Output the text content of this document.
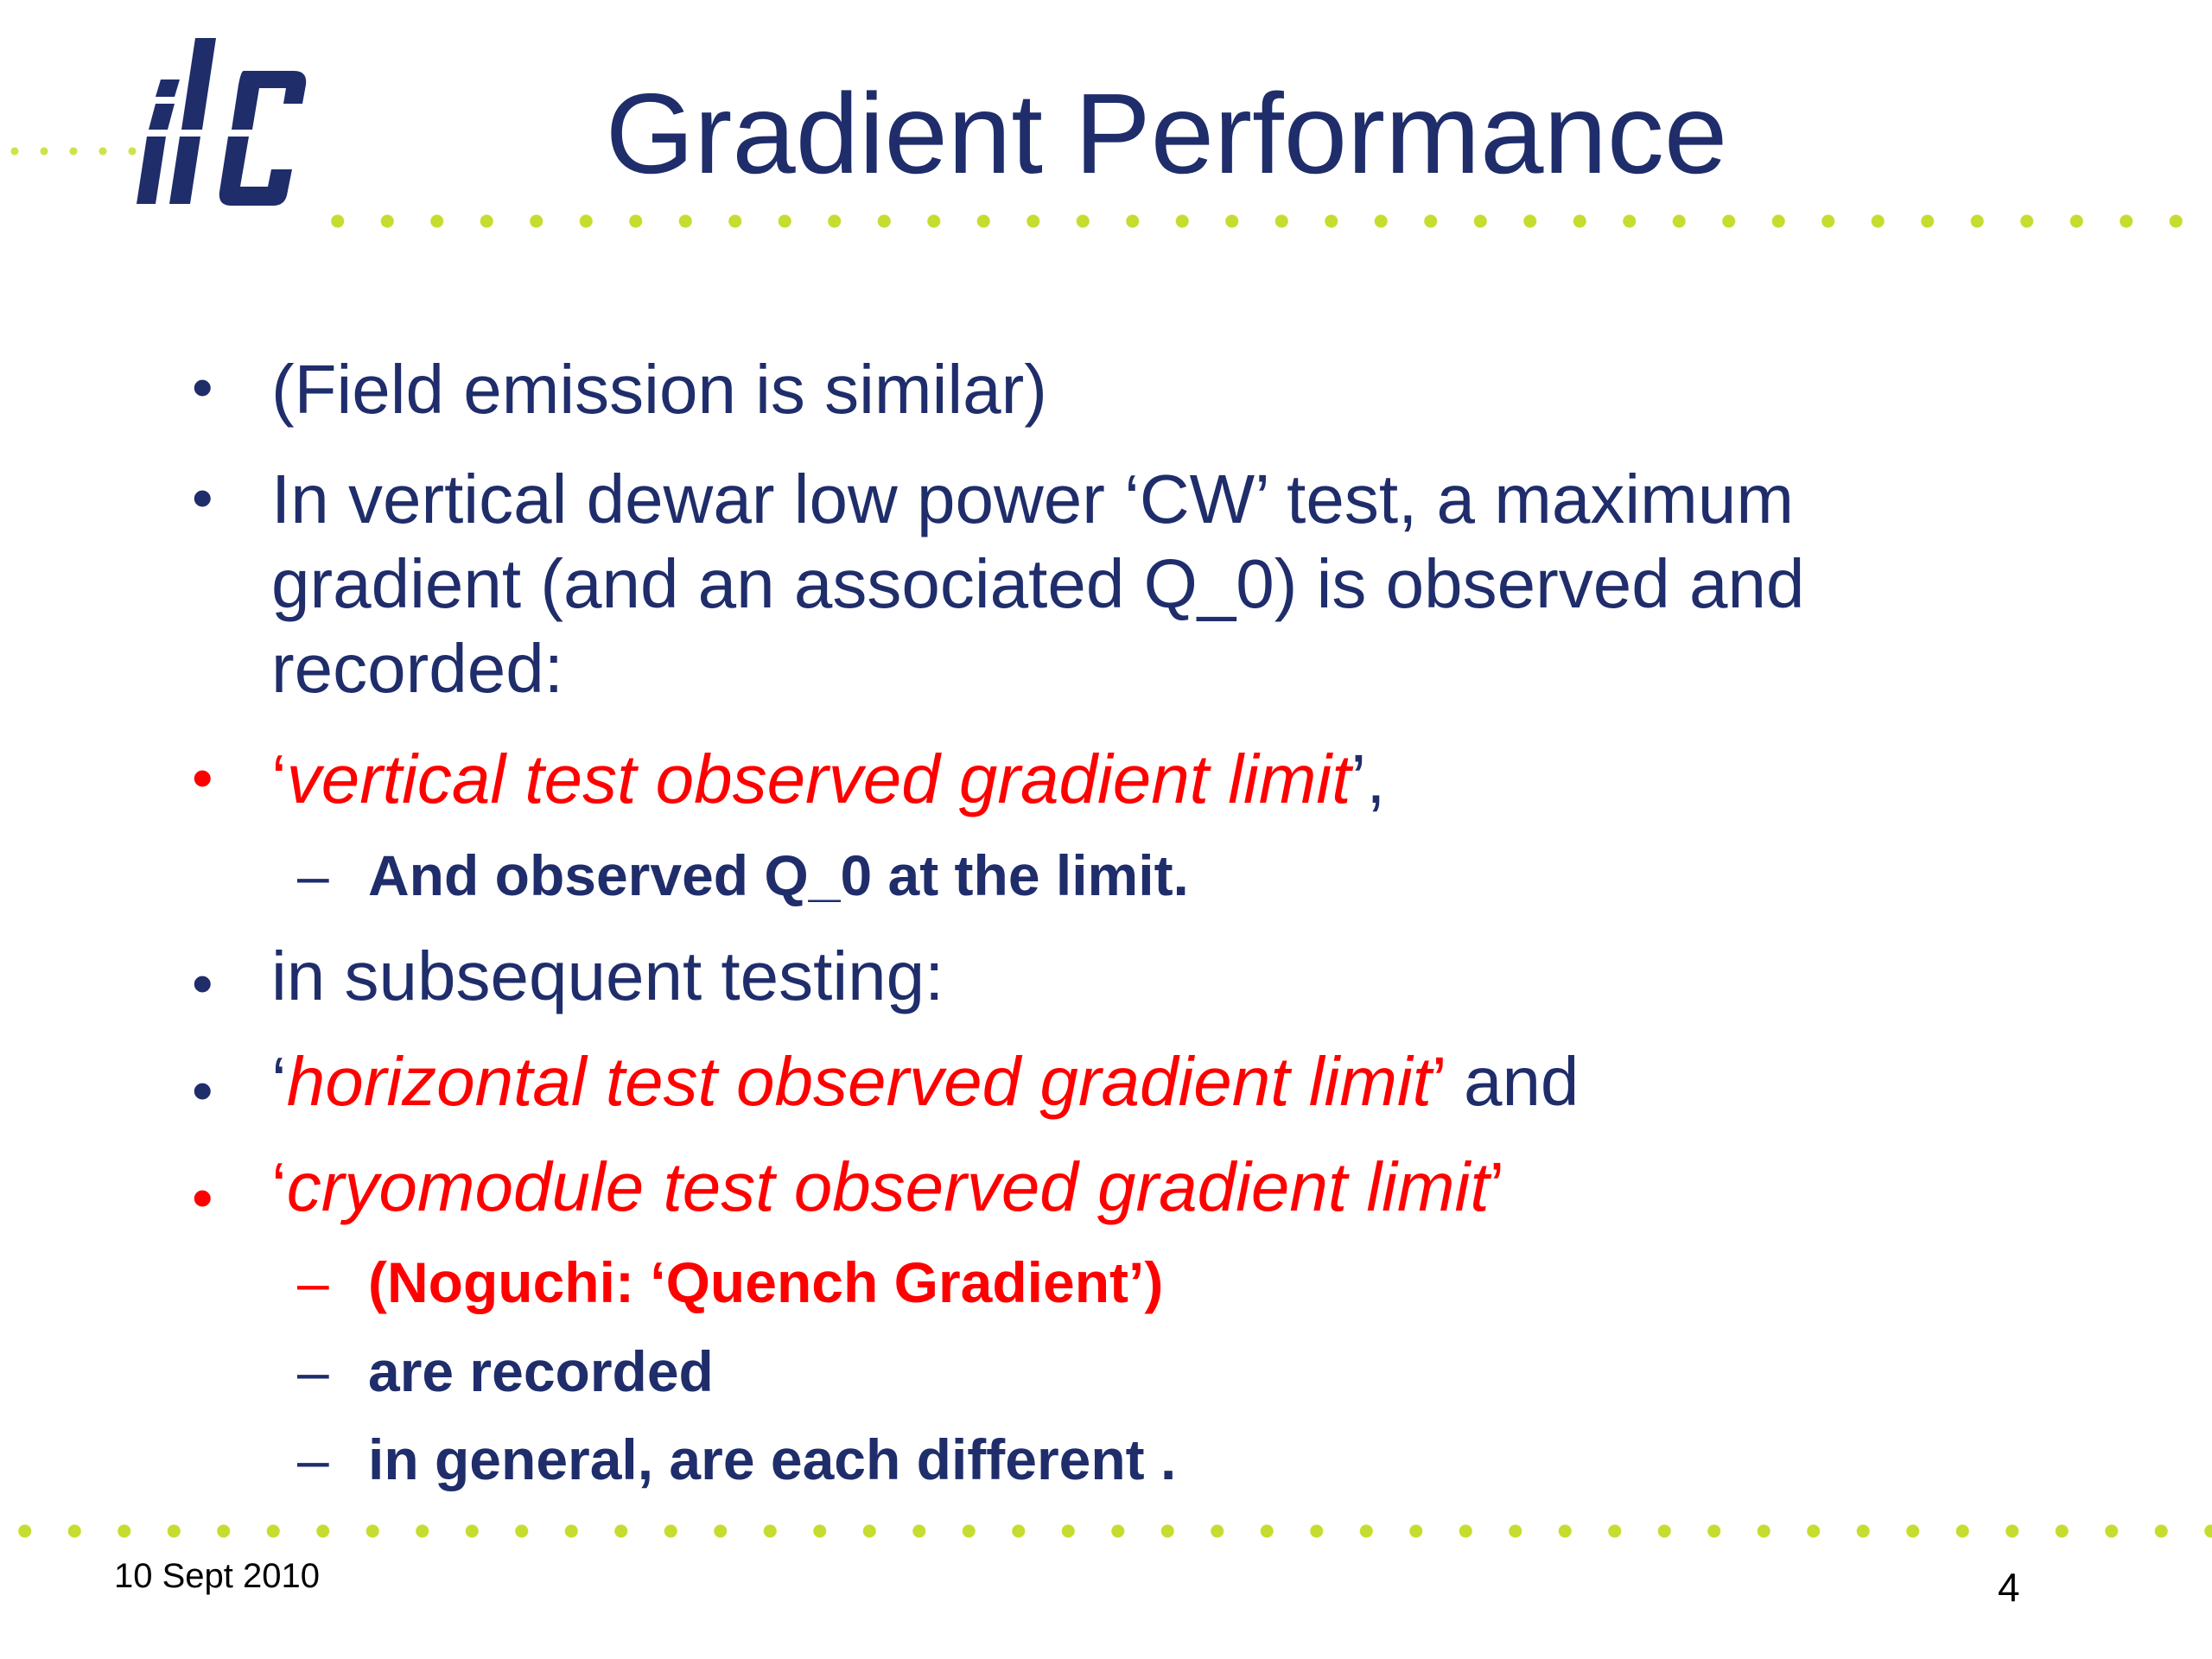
Gradient Performance
• (Field emission is similar)
• In vertical dewar low power ‘CW’ test, a maximum
gradient (and an associated Q_0) is observed and
recorded:
• ‘vertical test observed gradient limit’,
– And observed Q_0 at the limit.
• in subsequent testing:
• ‘horizontal test observed gradient limit’ and
• ‘cryomodule test observed gradient limit’
– (Noguchi: ‘Quench Gradient’)
– are recorded
– in general, are each different .
10 Sept 2010	4
